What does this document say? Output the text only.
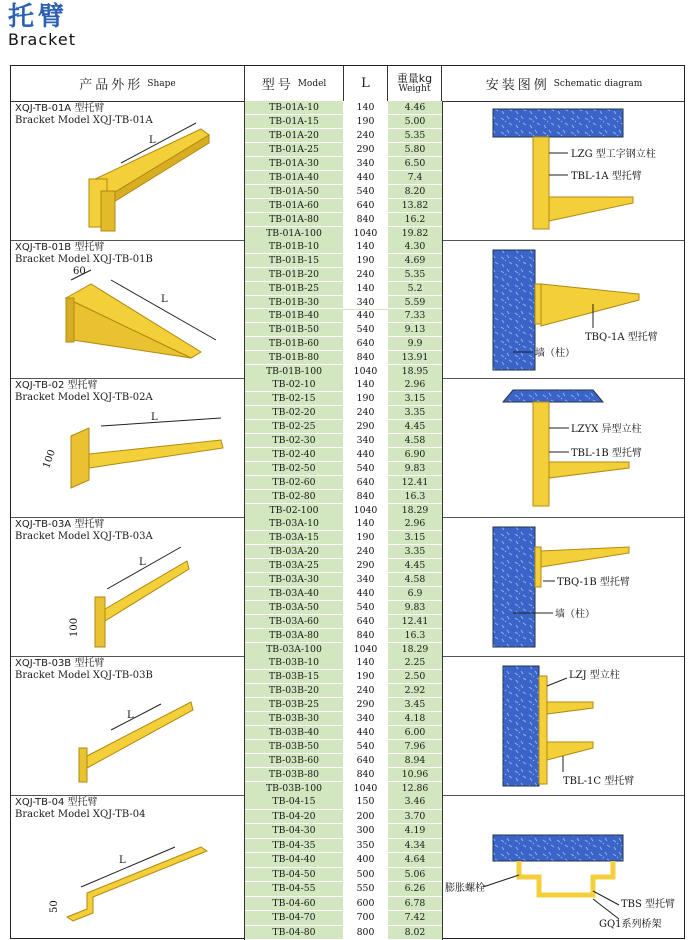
托臂
Bracket
产品外形 Shape	型号 Model	L 重量kg
Weight	安装图例 Schematic diagram
XQJ-TB-01A 型托臂
Bracket Model XQJ-TB-01A
L
TB-01A-10	140	4.46
TB-01A-15	190	5.00
TB-01A-20	240	5.35
TB-01A-25	290	5.80
TB-01A-30	340	6.50
TB-01A-40	440	7.4
TB-01A-50	540	8.20
TB-01A-60	640	13.82
TB-01A-80	840	16.2
TB-01A-100	1040	19.82
LZG 型工字钢立柱
TBL-1A 型托臂
XQJ-TB-01B 型托臂
Bracket Model XQJ-TB-01B
60
L
TB-01B-10	140	4.30
TB-01B-15	190	4.69
TB-01B-20	240	5.35
TB-01B-25	140	5.2
TB-01B-30	340	5.59
TB-01B-40	440	7.33
TB-01B-50	540	9.13
TB-01B-60	640	9.9
TB-01B-80	840	13.91
TB-01B-100	1040	18.95
TBQ-1A 型托臂
墙（柱）
XQJ-TB-02 型托臂
Bracket Model XQJ-TB-02A
L
100
TB-02-10	140	2.96
TB-02-15	190	3.15
TB-02-20	240	3.35
TB-02-25	290	4.45
TB-02-30	340	4.58
TB-02-40	440	6.90
TB-02-50	540	9.83
TB-02-60	640	12.41
TB-02-80	840	16.3
TB-02-100	1040	18.29
LZYX 异型立柱
TBL-1B 型托臂
XQJ-TB-03A 型托臂
Bracket Model XQJ-TB-03A
L
100
TB-03A-10	140	2.96
TB-03A-15	190	3.15
TB-03A-20	240	3.35
TB-03A-25	290	4.45
TB-03A-30	340	4.58
TB-03A-40	440	6.9
TB-03A-50	540	9.83
TB-03A-60	640	12.41
TB-03A-80	840	16.3
TB-03A-100	1040	18.29
TBQ-1B 型托臂
墙（柱）
XQJ-TB-03B 型托臂
Bracket Model XQJ-TB-03B
L
TB-03B-10	140	2.25
TB-03B-15	190	2.50
TB-03B-20	240	2.92
TB-03B-25	290	3.45
TB-03B-30	340	4.18
TB-03B-40	440	6.00
TB-03B-50	540	7.96
TB-03B-60	640	8.94
TB-03B-80	840	10.96
TB-03B-100	1040	12.86
LZJ 型立柱
TBL-1C 型托臂
XQJ-TB-04 型托臂
Bracket Model XQJ-TB-04
L
50
TB-04-15	150	3.46
TB-04-20	200	3.70
TB-04-30	300	4.19
TB-04-35	350	4.34
TB-04-40	400	4.64
TB-04-50	500	5.06
TB-04-55	550	6.26
TB-04-60	600	6.78
TB-04-70	700	7.42
TB-04-80	800	8.02
膨胀螺栓
TBS 型托臂
GQ1系列桥架
